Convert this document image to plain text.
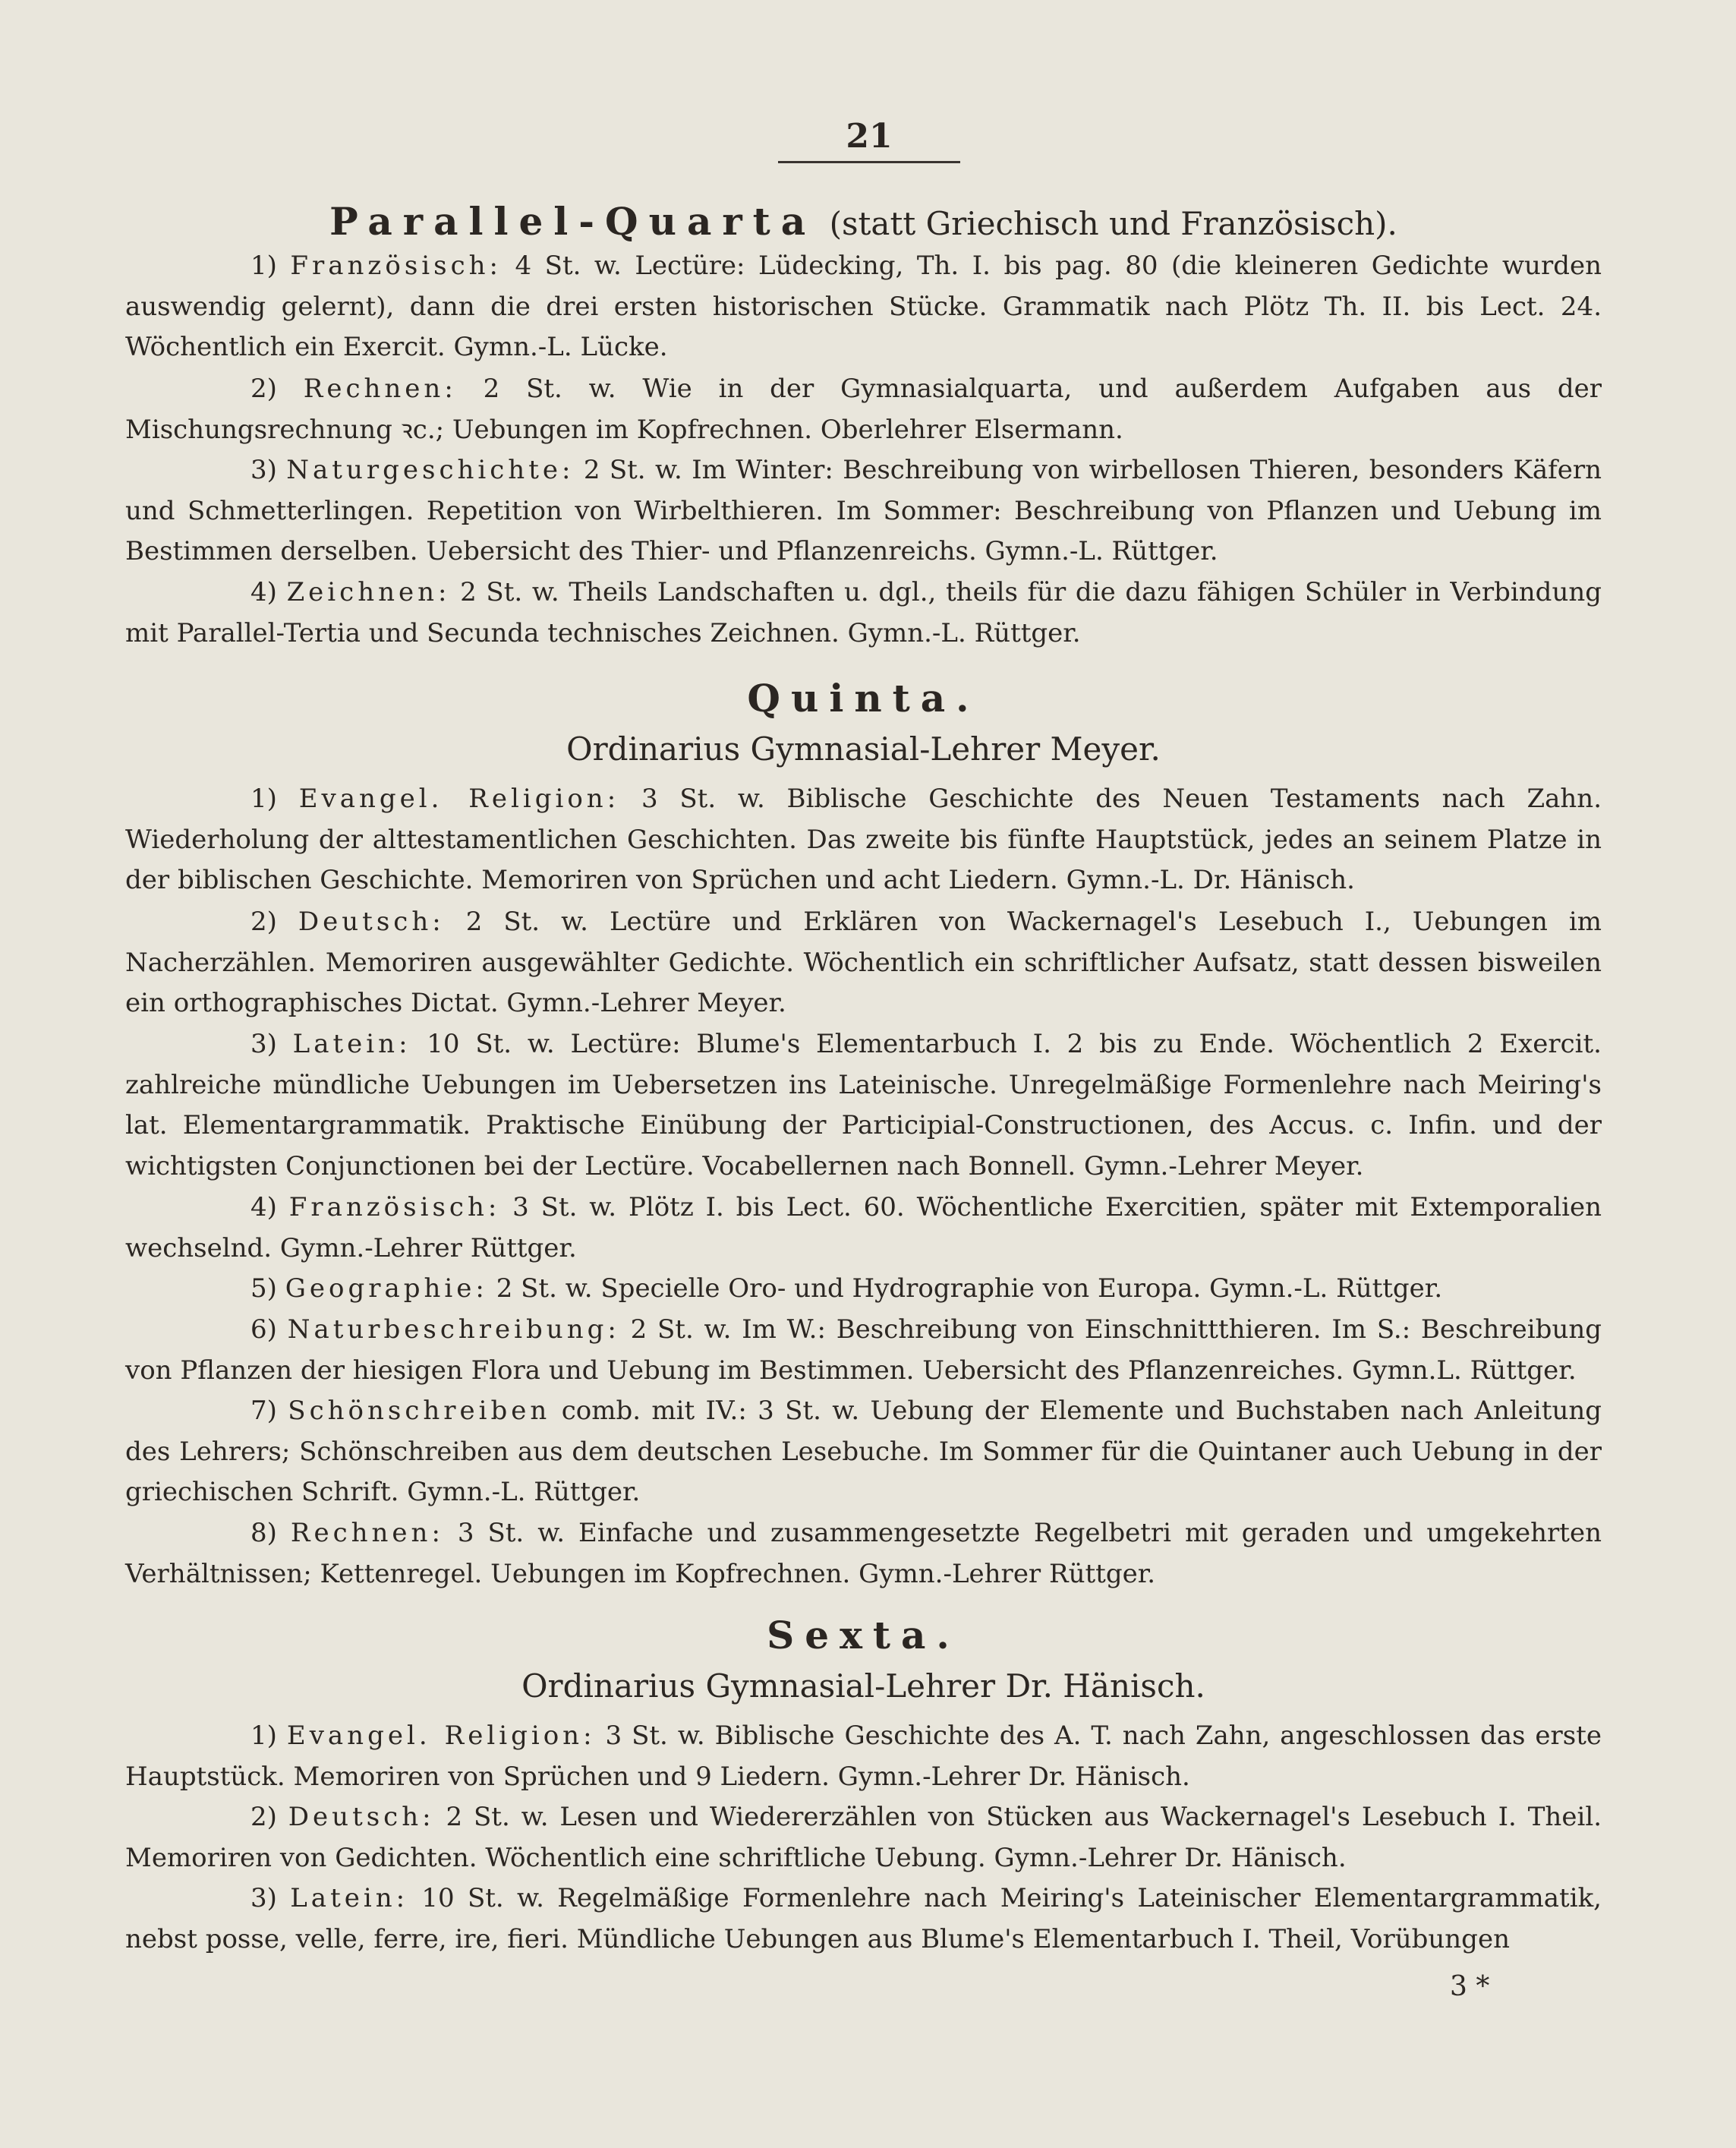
21
Parallel-Quarta (statt Griechisch und Französisch).

1) Französisch: 4 St. w. Lectüre: Lüdecking, Th. I. bis pag. 80 (die kleineren Gedichte wurden auswendig gelernt), dann die drei ersten historischen Stücke. Grammatik nach Plötz Th. II. bis Lect. 24. Wöchentlich ein Exercit. Gymn.-L. Lücke.

2) Rechnen: 2 St. w. Wie in der Gymnasialquarta, und außerdem Aufgaben aus der Mischungsrechnung ꝛc.; Uebungen im Kopfrechnen. Oberlehrer Elsermann.

3) Naturgeschichte: 2 St. w. Im Winter: Beschreibung von wirbellosen Thieren, besonders Käfern und Schmetterlingen. Repetition von Wirbelthieren. Im Sommer: Beschreibung von Pflanzen und Uebung im Bestimmen derselben. Uebersicht des Thier- und Pflanzenreichs. Gymn.-L. Rüttger.

4) Zeichnen: 2 St. w. Theils Landschaften u. dgl., theils für die dazu fähigen Schüler in Verbindung mit Parallel-Tertia und Secunda technisches Zeichnen. Gymn.-L. Rüttger.

Quinta.
Ordinarius Gymnasial-Lehrer Meyer.

1) Evangel. Religion: 3 St. w. Biblische Geschichte des Neuen Testaments nach Zahn. Wiederholung der alttestamentlichen Geschichten. Das zweite bis fünfte Hauptstück, jedes an seinem Platze in der biblischen Geschichte. Memoriren von Sprüchen und acht Liedern. Gymn.-L. Dr. Hänisch.

2) Deutsch: 2 St. w. Lectüre und Erklären von Wackernagel's Lesebuch I., Uebungen im Nacherzählen. Memoriren ausgewählter Gedichte. Wöchentlich ein schriftlicher Aufsatz, statt dessen bisweilen ein orthographisches Dictat. Gymn.-Lehrer Meyer.

3) Latein: 10 St. w. Lectüre: Blume's Elementarbuch I. 2 bis zu Ende. Wöchentlich 2 Exercit. zahlreiche mündliche Uebungen im Uebersetzen ins Lateinische. Unregelmäßige Formenlehre nach Meiring's lat. Elementargrammatik. Praktische Einübung der Participial-Constructionen, des Accus. c. Infin. und der wichtigsten Conjunctionen bei der Lectüre. Vocabellernen nach Bonnell. Gymn.-Lehrer Meyer.

4) Französisch: 3 St. w. Plötz I. bis Lect. 60. Wöchentliche Exercitien, später mit Extemporalien wechselnd. Gymn.-Lehrer Rüttger.

5) Geographie: 2 St. w. Specielle Oro- und Hydrographie von Europa. Gymn.-L. Rüttger.

6) Naturbeschreibung: 2 St. w. Im W.: Beschreibung von Einschnittthieren. Im S.: Beschreibung von Pflanzen der hiesigen Flora und Uebung im Bestimmen. Uebersicht des Pflanzenreiches. Gymn.L. Rüttger.

7) Schönschreiben comb. mit IV.: 3 St. w. Uebung der Elemente und Buchstaben nach Anleitung des Lehrers; Schönschreiben aus dem deutschen Lesebuche. Im Sommer für die Quintaner auch Uebung in der griechischen Schrift. Gymn.-L. Rüttger.

8) Rechnen: 3 St. w. Einfache und zusammengesetzte Regelbetri mit geraden und umgekehrten Verhältnissen; Kettenregel. Uebungen im Kopfrechnen. Gymn.-Lehrer Rüttger.

Sexta.
Ordinarius Gymnasial-Lehrer Dr. Hänisch.

1) Evangel. Religion: 3 St. w. Biblische Geschichte des A. T. nach Zahn, angeschlossen das erste Hauptstück. Memoriren von Sprüchen und 9 Liedern. Gymn.-Lehrer Dr. Hänisch.

2) Deutsch: 2 St. w. Lesen und Wiedererzählen von Stücken aus Wackernagel's Lesebuch I. Theil. Memoriren von Gedichten. Wöchentlich eine schriftliche Uebung. Gymn.-Lehrer Dr. Hänisch.

3) Latein: 10 St. w. Regelmäßige Formenlehre nach Meiring's Lateinischer Elementargrammatik, nebst posse, velle, ferre, ire, fieri. Mündliche Uebungen aus Blume's Elementarbuch I. Theil, Vorübungen

3 *
